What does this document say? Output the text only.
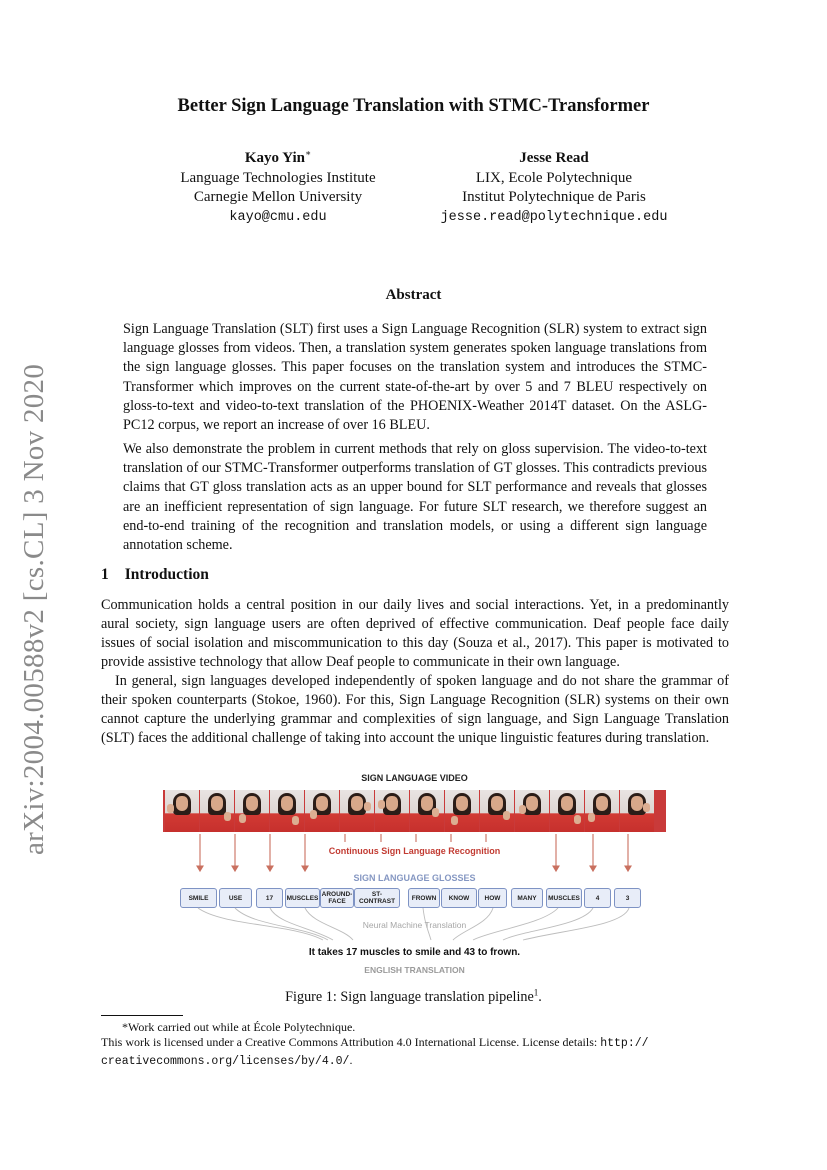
arXiv:2004.00588v2 [cs.CL] 3 Nov 2020
Better Sign Language Translation with STMC-Transformer
Kayo Yin∗
Language Technologies Institute
Carnegie Mellon University
kayo@cmu.edu
Jesse Read
LIX, Ecole Polytechnique
Institut Polytechnique de Paris
jesse.read@polytechnique.edu
Abstract
Sign Language Translation (SLT) first uses a Sign Language Recognition (SLR) system to extract sign language glosses from videos. Then, a translation system generates spoken language translations from the sign language glosses. This paper focuses on the translation system and introduces the STMC-Transformer which improves on the current state-of-the-art by over 5 and 7 BLEU respectively on gloss-to-text and video-to-text translation of the PHOENIX-Weather 2014T dataset. On the ASLG-PC12 corpus, we report an increase of over 16 BLEU.
We also demonstrate the problem in current methods that rely on gloss supervision. The video-to-text translation of our STMC-Transformer outperforms translation of GT glosses. This contradicts previous claims that GT gloss translation acts as an upper bound for SLT performance and reveals that glosses are an inefficient representation of sign language. For future SLT research, we therefore suggest an end-to-end training of the recognition and translation models, or using a different sign language annotation scheme.
1 Introduction
Communication holds a central position in our daily lives and social interactions. Yet, in a predominantly aural society, sign language users are often deprived of effective communication. Deaf people face daily issues of social isolation and miscommunication to this day (Souza et al., 2017). This paper is motivated to provide assistive technology that allow Deaf people to communicate in their own language.
In general, sign languages developed independently of spoken language and do not share the grammar of their spoken counterparts (Stokoe, 1960). For this, Sign Language Recognition (SLR) systems on their own cannot capture the underlying grammar and complexities of sign language, and Sign Language Translation (SLT) faces the additional challenge of taking into account the unique linguistic features during translation.
SIGN LANGUAGE VIDEO
Continuous Sign Language Recognition
SIGN LANGUAGE GLOSSES
SMILE	USE	17	MUSCLES AROUND-
FACE
ST-
CONTRAST	FROWN	KNOW	HOW	MANY	MUSCLES	4	3
Neural Machine Translation
It takes 17 muscles to smile and 43 to frown.
ENGLISH TRANSLATION
Figure 1: Sign language translation pipeline$^1$.
*Work carried out while at École Polytechnique.
This work is licensed under a Creative Commons Attribution 4.0 International License. License details: http://
creativecommons.org/licenses/by/4.0/.
